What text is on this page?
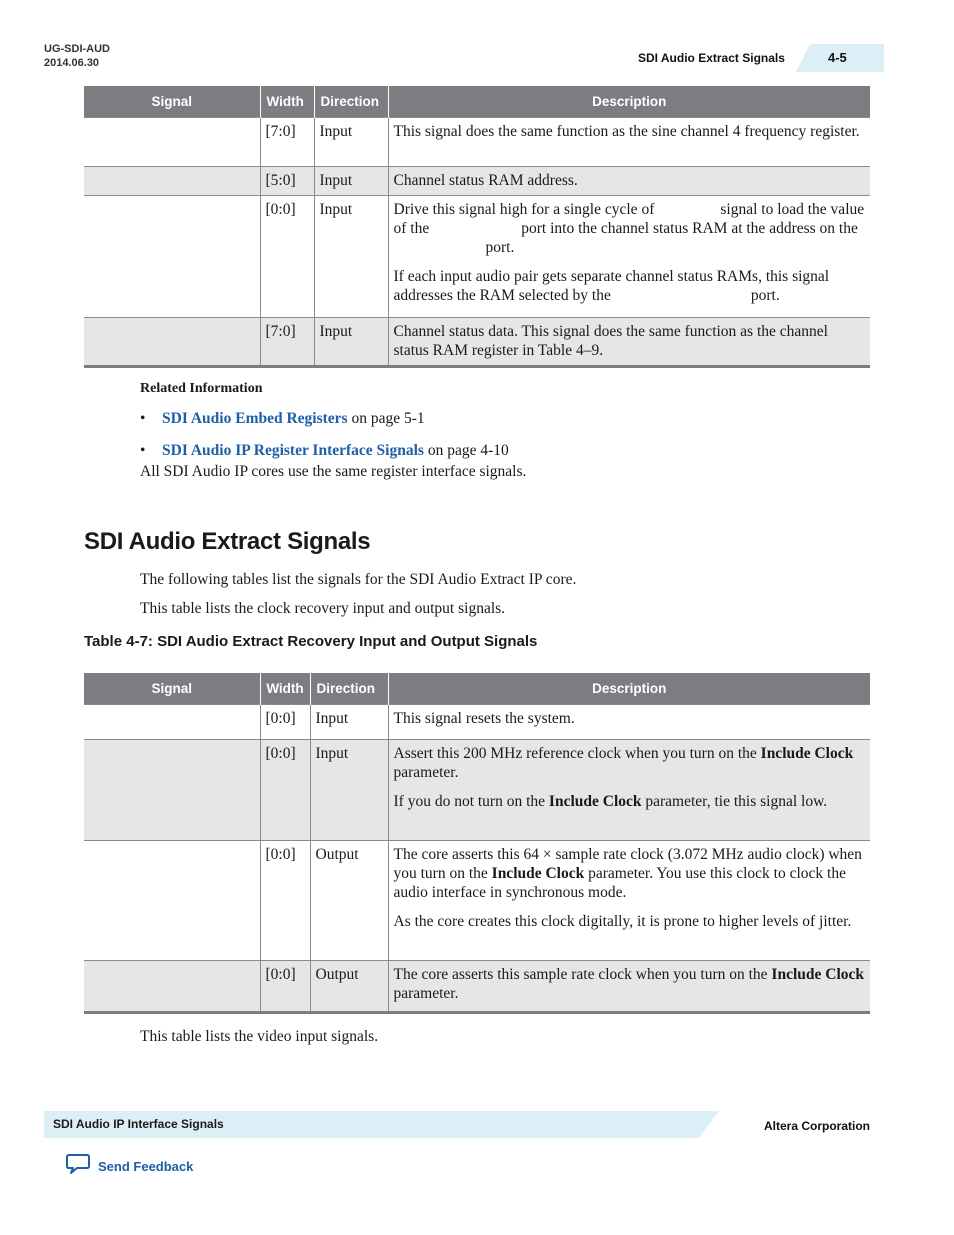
UG-SDI-AUD
2014.06.30	SDI Audio Extract Signals	4-5
Signal	Width	Direction	Description
	[7:0]	Input	This signal does the same function as the sine channel 4 frequency register.

	[5:0]	Input	Channel status RAM address.

	[0:0]	Input	Drive this signal high for a single cycle of signal to load the value of the port into the channel status RAM at the address on theport.

If each input audio pair gets separate channel status RAMs, this signal addresses the RAM selected by the port.

	[7:0]	Input	Channel status data. This signal does the same function as the channel status RAM register in Table 4–9.

Related Information
• SDI Audio Embed Registers on page 5-1
• SDI Audio IP Register Interface Signals on page 4-10
All SDI Audio IP cores use the same register interface signals.
SDI Audio Extract Signals
The following tables list the signals for the SDI Audio Extract IP core.
This table lists the clock recovery input and output signals.
Table 4-7: SDI Audio Extract Recovery Input and Output Signals
Signal	Width	Direction	Description
	[0:0]	Input	This signal resets the system.

	[0:0]	Input	Assert this 200 MHz reference clock when you turn on the Include Clock parameter.

If you do not turn on the Include Clock parameter, tie this signal low.

	[0:0]	Output	The core asserts this 64 × sample rate clock (3.072 MHz audio clock) when you turn on the Include Clock parameter. You use this clock to clock the audio interface in synchronous mode.

As the core creates this clock digitally, it is prone to higher levels of jitter.

	[0:0]	Output	The core asserts this sample rate clock when you turn on the Include Clock parameter.

This table lists the video input signals.
SDI Audio IP Interface Signals	Altera Corporation
Send Feedback
